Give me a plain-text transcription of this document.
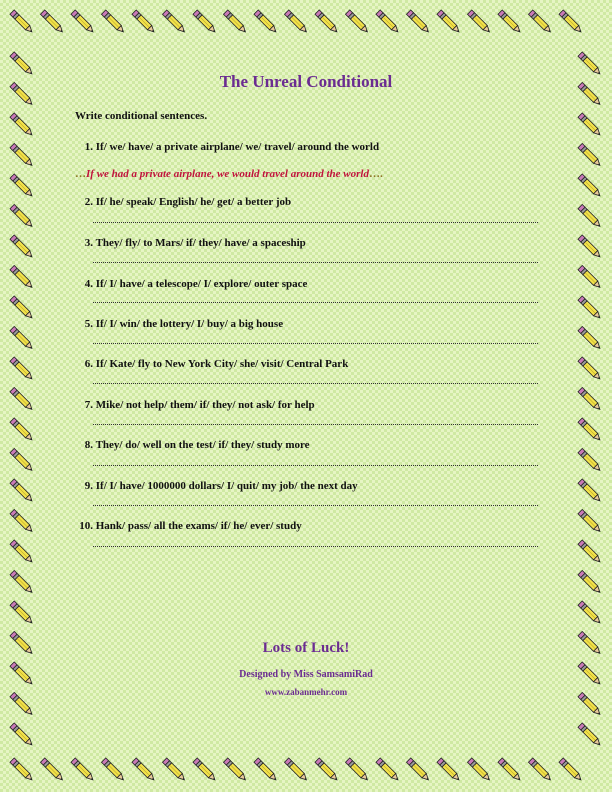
The Unreal Conditional
Write conditional sentences.
1. If/ we/ have/ a private airplane/ we/ travel/ around the world
…If we had a private airplane, we would travel around the world….
2. If/ he/ speak/ English/ he/ get/ a better job
3. They/ fly/ to Mars/ if/ they/ have/ a spaceship
4. If/ I/ have/ a telescope/ I/ explore/ outer space
5. If/ I/ win/ the lottery/ I/ buy/ a big house
6. If/ Kate/ fly to New York City/ she/ visit/ Central Park
7. Mike/ not help/ them/ if/ they/ not ask/ for help
8. They/ do/ well on the test/ if/ they/ study more
9. If/ I/ have/ 1000000 dollars/ I/ quit/ my job/ the next day
10. Hank/ pass/ all the exams/ if/ he/ ever/ study
Lots of Luck!
Designed by Miss SamsamiRad
www.zabanmehr.com
